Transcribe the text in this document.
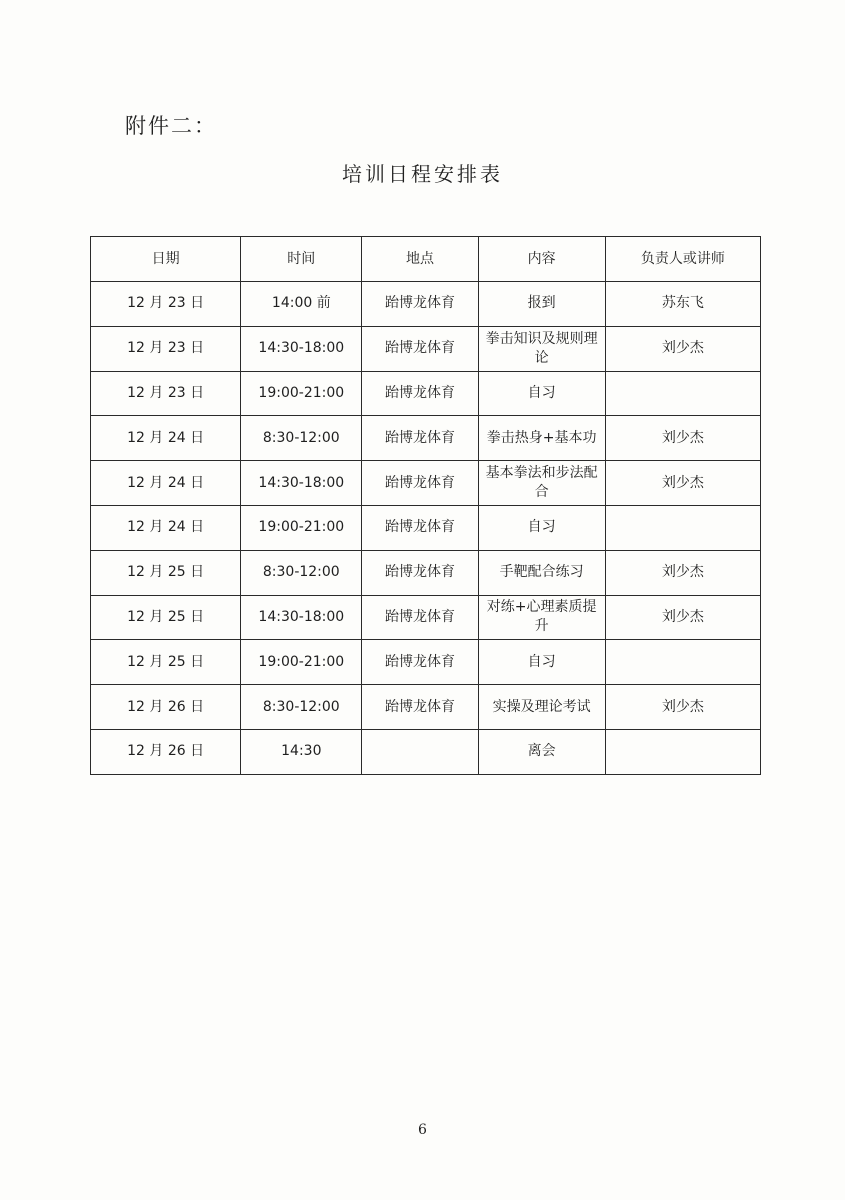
附件二：
培训日程安排表
日期	时间	地点	内容	负责人或讲师
12 月 23 日	14:00 前	跆博龙体育	报到	苏东飞
12 月 23 日	14:30-18:00	跆博龙体育	拳击知识及规则理论	刘少杰
12 月 23 日	19:00-21:00	跆博龙体育	自习	
12 月 24 日	8:30-12:00	跆博龙体育	拳击热身+基本功	刘少杰
12 月 24 日	14:30-18:00	跆博龙体育	基本拳法和步法配合	刘少杰
12 月 24 日	19:00-21:00	跆博龙体育	自习	
12 月 25 日	8:30-12:00	跆博龙体育	手靶配合练习	刘少杰
12 月 25 日	14:30-18:00	跆博龙体育	对练+心理素质提升	刘少杰
12 月 25 日	19:00-21:00	跆博龙体育	自习	
12 月 26 日	8:30-12:00	跆博龙体育	实操及理论考试	刘少杰
12 月 26 日	14:30		离会	
6
